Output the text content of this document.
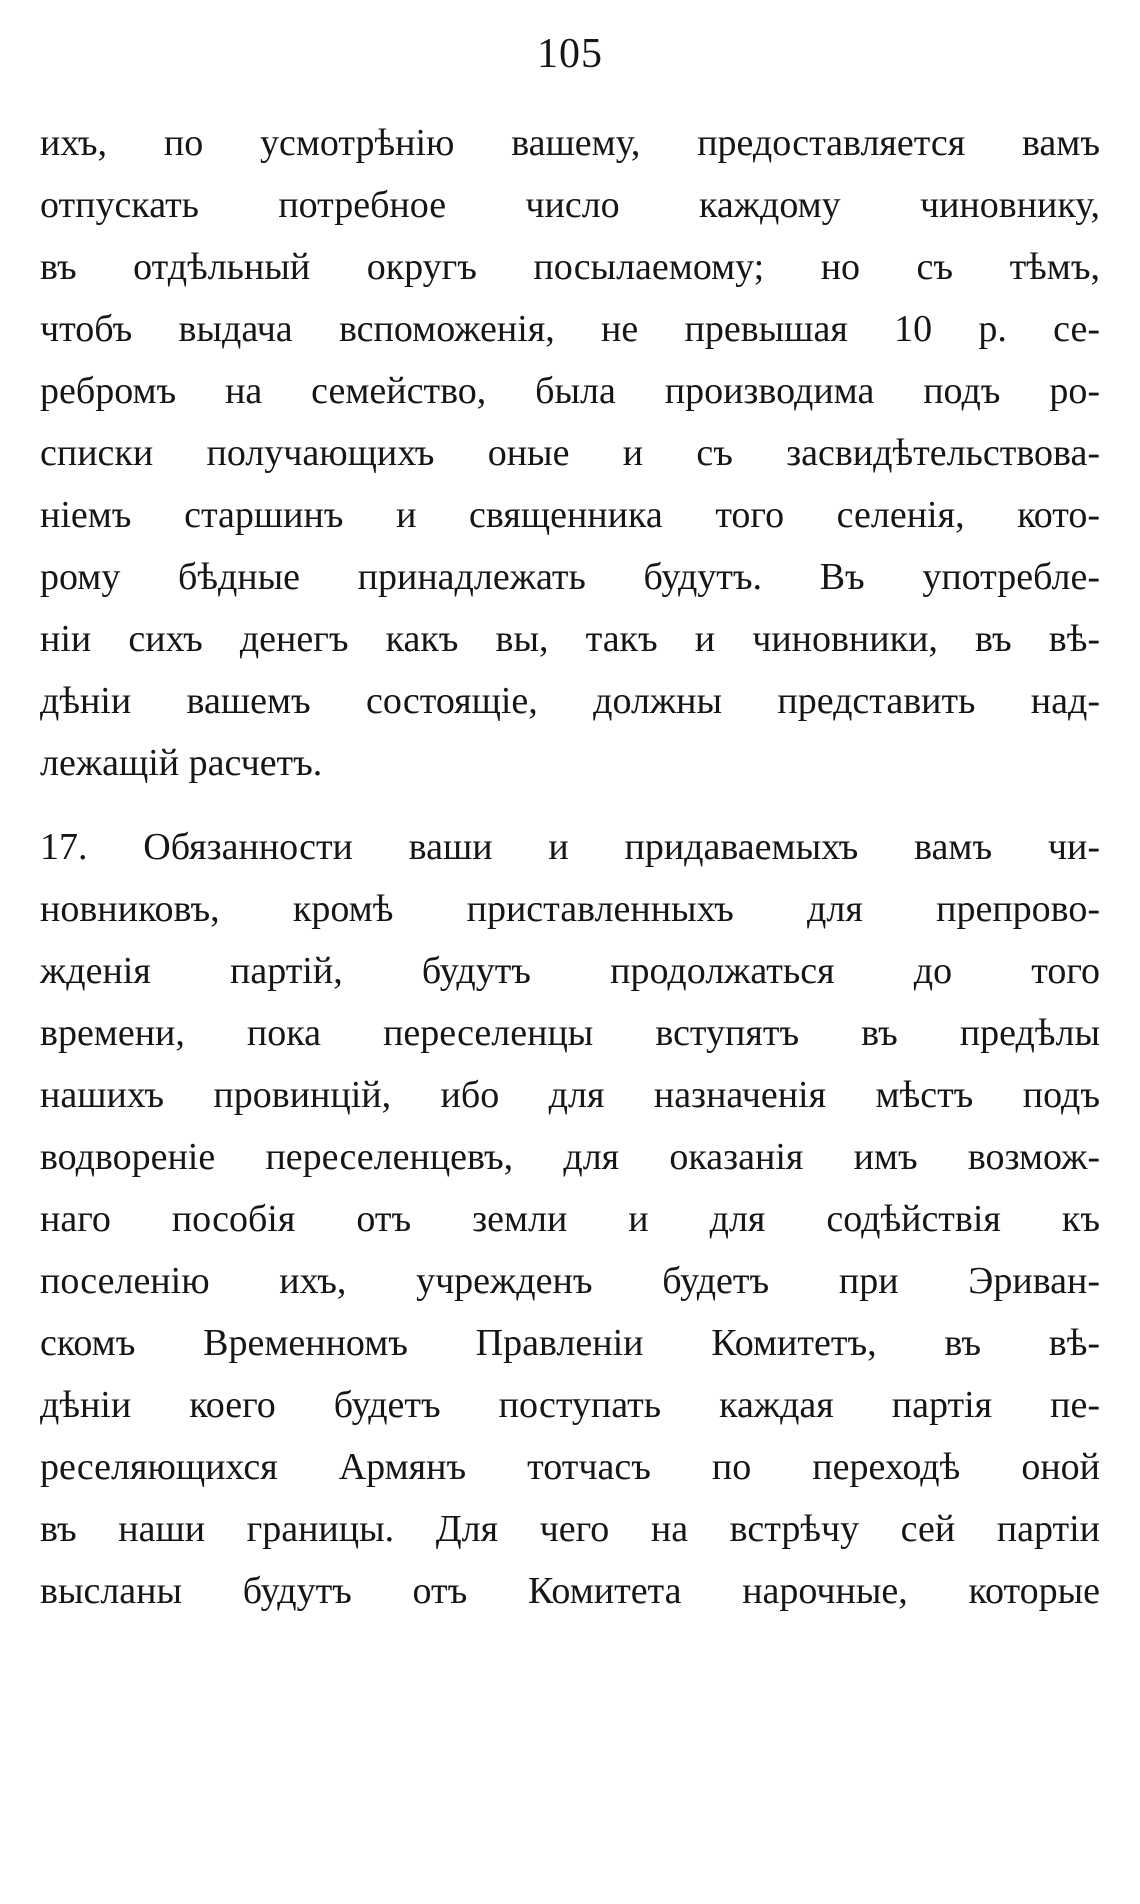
105
ихъ, по усмотрѣнію вашему, предоставляется вамъ
отпускать потребное число каждому чиновнику,
въ отдѣльный округъ посылаемому; но съ тѣмъ,
чтобъ выдача вспоможенія, не превышая 10 р. се-
ребромъ на семейство, была производима подъ ро-
списки получающихъ оные и съ засвидѣтельствова-
ніемъ старшинъ и священника того селенія, кото-
рому бѣдные принадлежать будутъ. Въ употребле-
ніи сихъ денегъ какъ вы, такъ и чиновники, въ вѣ-
дѣніи вашемъ состоящіе, должны представить над-
лежащій расчетъ.
17. Обязанности ваши и придаваемыхъ вамъ чи-
новниковъ, кромѣ приставленныхъ для препрово-
жденія партій, будутъ продолжаться до того
времени, пока переселенцы вступятъ въ предѣлы
нашихъ провинцій, ибо для назначенія мѣстъ подъ
водвореніе переселенцевъ, для оказанія имъ возмож-
наго пособія отъ земли и для содѣйствія къ
поселенію ихъ, учрежденъ будетъ при Эриван-
скомъ Временномъ Правленіи Комитетъ, въ вѣ-
дѣніи коего будетъ поступать каждая партія пе-
реселяющихся Армянъ тотчасъ по переходѣ оной
въ наши границы. Для чего на встрѣчу сей партіи
высланы будутъ отъ Комитета нарочные, которые
